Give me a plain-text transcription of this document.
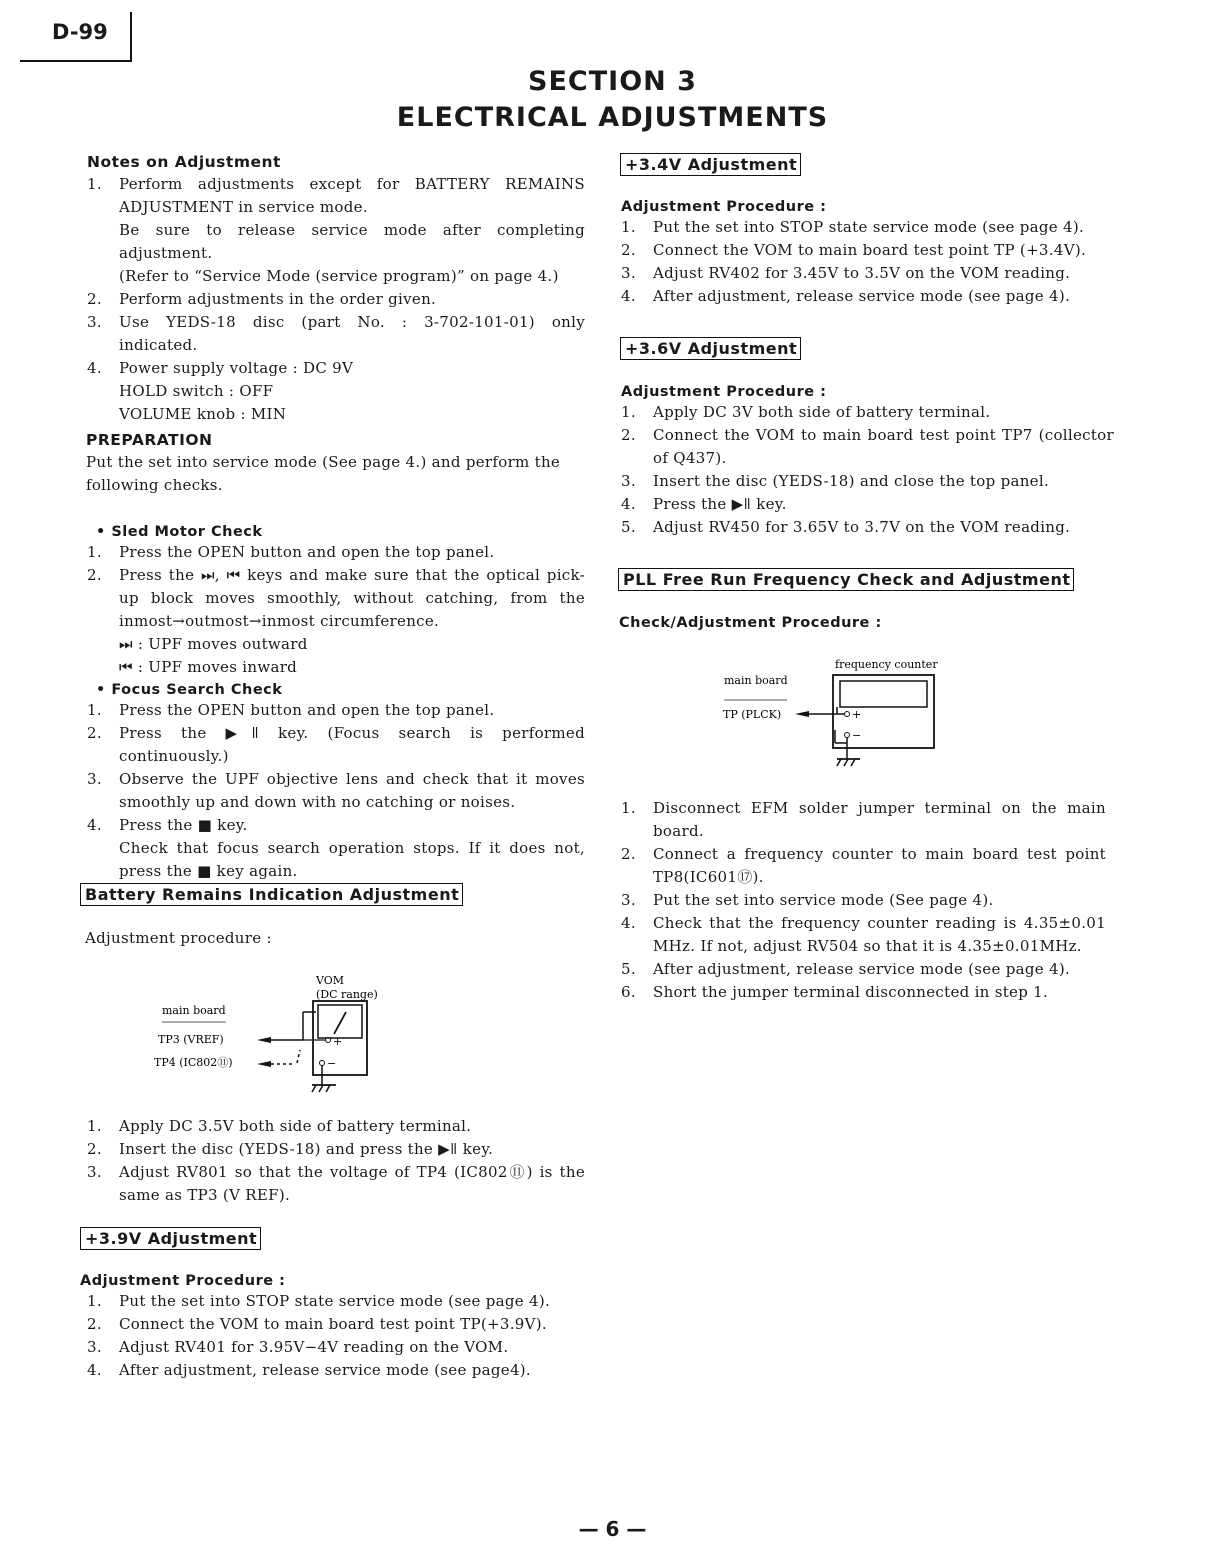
D-99
SECTION 3
ELECTRICAL ADJUSTMENTS
Notes on Adjustment
1. Perform adjustments except for BATTERY REMAINS ADJUSTMENT in service mode.
Be sure to release service mode after completing adjustment.
(Refer to “Service Mode (service program)” on page 4.)
2. Perform adjustments in the order given.
3. Use YEDS-18 disc (part No. : 3-702-101-01) only indicated.
4. Power supply voltage : DC 9V
HOLD switch : OFF
VOLUME knob : MIN
PREPARATION
Put the set into service mode (See page 4.) and perform the following checks.
• Sled Motor Check
1. Press the OPEN button and open the top panel.
2. Press the ⏭, ⏮ keys and make sure that the optical pick-up block moves smoothly, without catching, from the inmost→outmost→inmost circumference.
⏭ : UPF moves outward
⏮ : UPF moves inward
• Focus Search Check
1. Press the OPEN button and open the top panel.
2. Press the ▶ǁ key. (Focus search is performed continuously.)
3. Observe the UPF objective lens and check that it moves smoothly up and down with no catching or noises.
4. Press the ■ key.
Check that focus search operation stops. If it does not, press the ■ key again.
Battery Remains Indication Adjustment
Adjustment procedure :
VOM
(DC range)
main board
TP3 (VREF)
TP4 (IC802⑪)
+
−
1. Apply DC 3.5V both side of battery terminal.
2. Insert the disc (YEDS-18) and press the ▶ǁ key.
3. Adjust RV801 so that the voltage of TP4 (IC802⑪) is the same as TP3 (V REF).
+3.9V Adjustment
Adjustment Procedure :
1. Put the set into STOP state service mode (see page 4).
2. Connect the VOM to main board test point TP(+3.9V).
3. Adjust RV401 for 3.95V−4V reading on the VOM.
4. After adjustment, release service mode (see page4).
+3.4V Adjustment
Adjustment Procedure :
1. Put the set into STOP state service mode (see page 4).
2. Connect the VOM to main board test point TP (+3.4V).
3. Adjust RV402 for 3.45V to 3.5V on the VOM reading.
4. After adjustment, release service mode (see page 4).
+3.6V Adjustment
Adjustment Procedure :
1. Apply DC 3V both side of battery terminal.
2. Connect the VOM to main board test point TP7 (collector of Q437).
3. Insert the disc (YEDS-18) and close the top panel.
4. Press the ▶ǁ key.
5. Adjust RV450 for 3.65V to 3.7V on the VOM reading.
PLL Free Run Frequency Check and Adjustment
Check/Adjustment Procedure :
frequency counter
main board
TP (PLCK)	+
−
1. Disconnect EFM solder jumper terminal on the main board.
2. Connect a frequency counter to main board test point TP8(IC601⑰).
3. Put the set into service mode (See page 4).
4. Check that the frequency counter reading is 4.35±0.01 MHz. If not, adjust RV504 so that it is 4.35±0.01MHz.
5. After adjustment, release service mode (see page 4).
6. Short the jumper terminal disconnected in step 1.
— 6 —
